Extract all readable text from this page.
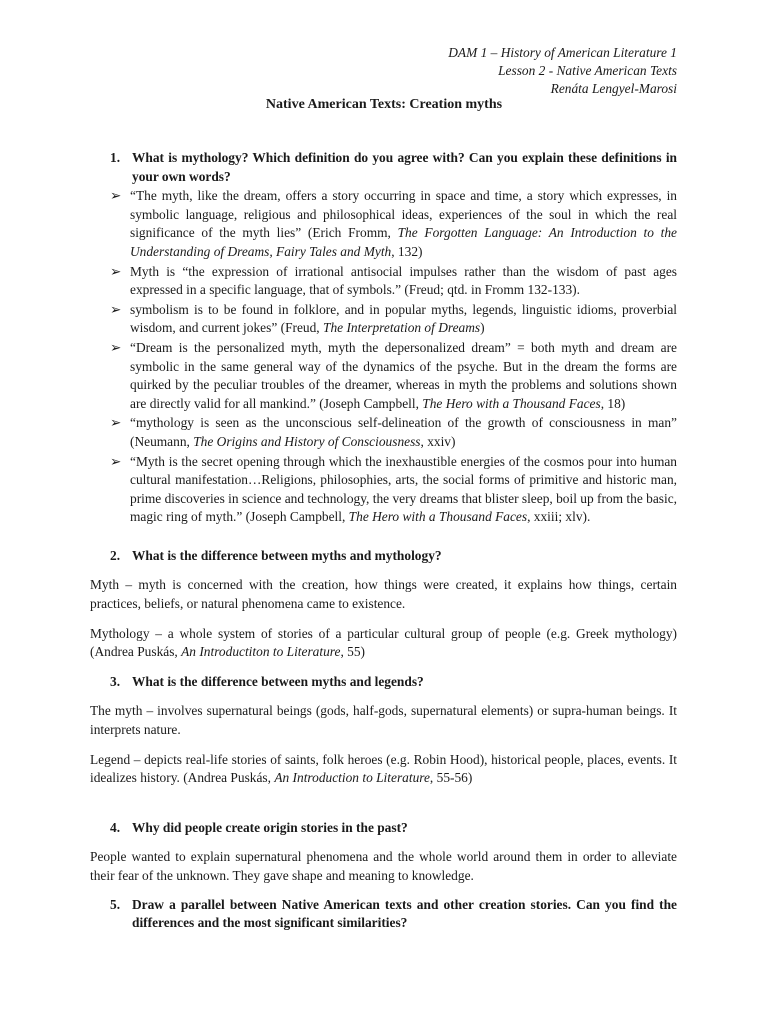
DAM 1 – History of American Literature 1
Lesson 2 - Native American Texts
Renáta Lengyel-Marosi
Native American Texts: Creation myths
1. What is mythology? Which definition do you agree with? Can you explain these definitions in your own words?
➢ “The myth, like the dream, offers a story occurring in space and time, a story which expresses, in symbolic language, religious and philosophical ideas, experiences of the soul in which the real significance of the myth lies” (Erich Fromm, The Forgotten Language: An Introduction to the Understanding of Dreams, Fairy Tales and Myth, 132)
➢ Myth is “the expression of irrational antisocial impulses rather than the wisdom of past ages expressed in a specific language, that of symbols.” (Freud; qtd. in Fromm 132-133).
➢ symbolism is to be found in folklore, and in popular myths, legends, linguistic idioms, proverbial wisdom, and current jokes” (Freud, The Interpretation of Dreams)
➢ “Dream is the personalized myth, myth the depersonalized dream” = both myth and dream are symbolic in the same general way of the dynamics of the psyche. But in the dream the forms are quirked by the peculiar troubles of the dreamer, whereas in myth the problems and solutions shown are directly valid for all mankind.” (Joseph Campbell, The Hero with a Thousand Faces, 18)
➢ “mythology is seen as the unconscious self-delineation of the growth of consciousness in man” (Neumann, The Origins and History of Consciousness, xxiv)
➢ “Myth is the secret opening through which the inexhaustible energies of the cosmos pour into human cultural manifestation…Religions, philosophies, arts, the social forms of primitive and historic man, prime discoveries in science and technology, the very dreams that blister sleep, boil up from the basic, magic ring of myth.” (Joseph Campbell, The Hero with a Thousand Faces, xxiii; xlv).
2. What is the difference between myths and mythology?

Myth – myth is concerned with the creation, how things were created, it explains how things, certain practices, beliefs, or natural phenomena came to existence.

Mythology – a whole system of stories of a particular cultural group of people (e.g. Greek mythology) (Andrea Puskás, An Introductiton to Literature, 55)

3. What is the difference between myths and legends?

The myth – involves supernatural beings (gods, half-gods, supernatural elements) or supra-human beings. It interprets nature.

Legend – depicts real-life stories of saints, folk heroes (e.g. Robin Hood), historical people, places, events. It idealizes history. (Andrea Puskás, An Introduction to Literature, 55-56)

4. Why did people create origin stories in the past?

People wanted to explain supernatural phenomena and the whole world around them in order to alleviate their fear of the unknown. They gave shape and meaning to knowledge.

5. Draw a parallel between Native American texts and other creation stories. Can you find the differences and the most significant similarities?
